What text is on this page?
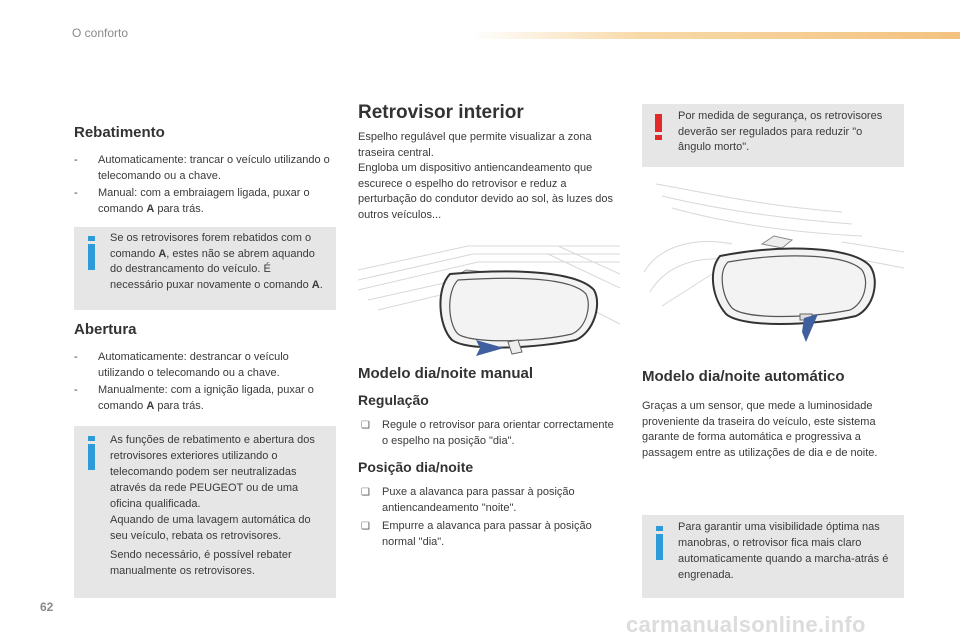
O conforto
Rebatimento
- Automaticamente: trancar o veículo utilizando o telecomando ou a chave.
- Manual: com a embraiagem ligada, puxar o comando A para trás.

Se os retrovisores forem rebatidos com o comando A, estes não se abrem aquando do destrancamento do veículo. É necessário puxar novamente o comando A.

Abertura
- Automaticamente: destrancar o veículo utilizando o telecomando ou a chave.
- Manualmente: com a ignição ligada, puxar o comando A para trás.

As funções de rebatimento e abertura dos retrovisores exteriores utilizando o telecomando podem ser neutralizadas através da rede PEUGEOT ou de uma oficina qualificada.

Aquando de uma lavagem automática do seu veículo, rebata os retrovisores.

Sendo necessário, é possível rebater manualmente os retrovisores.

Retrovisor interior

Espelho regulável que permite visualizar a zona traseira central.

Engloba um dispositivo antiencandeamento que escurece o espelho do retrovisor e reduz a perturbação do condutor devido ao sol, às luzes dos outros veículos...

Modelo dia/noite manual
Regulação
❏ Regule o retrovisor para orientar correctamente o espelho na posição "dia".
Posição dia/noite
❏ Puxe a alavanca para passar à posição antiencandeamento "noite".
❏ Empurre a alavanca para passar à posição normal "dia".
Por medida de segurança, os retrovisores deverão ser regulados para reduzir "o ângulo morto".
Modelo dia/noite automático

Graças a um sensor, que mede a luminosidade proveniente da traseira do veículo, este sistema garante de forma automática e progressiva a passagem entre as utilizações de dia e de noite.

Para garantir uma visibilidade óptima nas manobras, o retrovisor fica mais claro automaticamente quando a marcha-atrás é engrenada.
62
carmanualsonline.info
